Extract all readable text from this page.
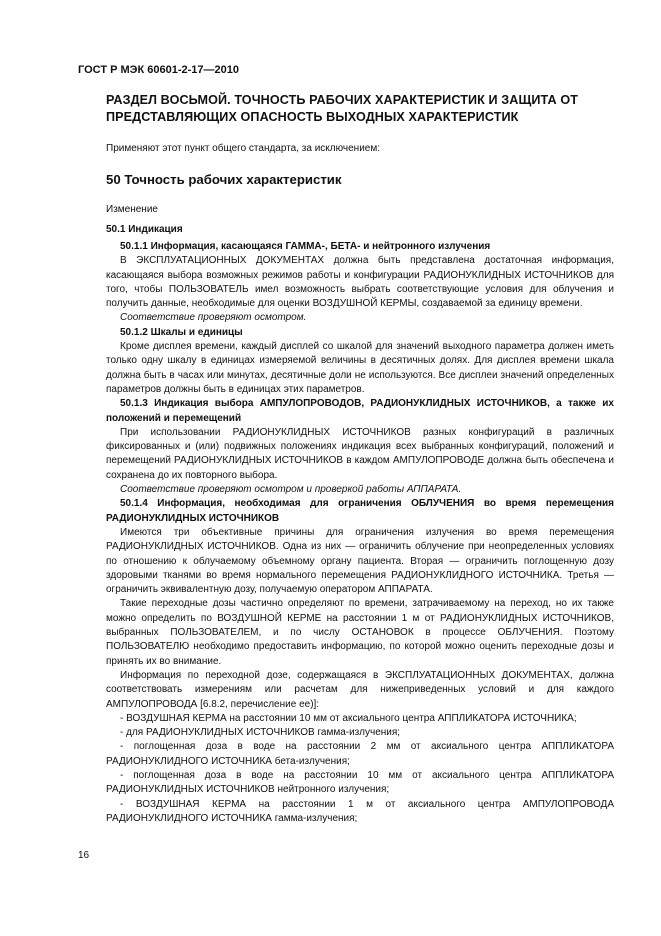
ГОСТ Р МЭК 60601-2-17—2010

РАЗДЕЛ ВОСЬМОЙ. ТОЧНОСТЬ РАБОЧИХ ХАРАКТЕРИСТИК И ЗАЩИТА ОТ ПРЕДСТАВЛЯЮЩИХ ОПАСНОСТЬ ВЫХОДНЫХ ХАРАКТЕРИСТИК

Применяют этот пункт общего стандарта, за исключением:

50 Точность рабочих характеристик

Изменение

50.1 Индикация

50.1.1 Информация, касающаяся ГАММА-, БЕТА- и нейтронного излучения

В ЭКСПЛУАТАЦИОННЫХ ДОКУМЕНТАХ должна быть представлена достаточная информация, касающаяся выбора возможных режимов работы и конфигурации РАДИОНУКЛИДНЫХ ИСТОЧНИКОВ для того, чтобы ПОЛЬЗОВАТЕЛЬ имел возможность выбрать соответствующие условия для облучения и получить данные, необходимые для оценки ВОЗДУШНОЙ КЕРМЫ, создаваемой за единицу времени.

Соответствие проверяют осмотром.

50.1.2 Шкалы и единицы

Кроме дисплея времени, каждый дисплей со шкалой для значений выходного параметра должен иметь только одну шкалу в единицах измеряемой величины в десятичных долях. Для дисплея времени шкала должна быть в часах или минутах, десятичные доли не используются. Все дисплеи значений определенных параметров должны быть в единицах этих параметров.

50.1.3 Индикация выбора АМПУЛОПРОВОДОВ, РАДИОНУКЛИДНЫХ ИСТОЧНИКОВ, а также их положений и перемещений

При использовании РАДИОНУКЛИДНЫХ ИСТОЧНИКОВ разных конфигураций в различных фиксированных и (или) подвижных положениях индикация всех выбранных конфигураций, положений и перемещений РАДИОНУКЛИДНЫХ ИСТОЧНИКОВ в каждом АМПУЛОПРОВОДЕ должна быть обеспечена и сохранена до их повторного выбора.

Соответствие проверяют осмотром и проверкой работы АППАРАТА.

50.1.4 Информация, необходимая для ограничения ОБЛУЧЕНИЯ во время перемещения РАДИОНУКЛИДНЫХ ИСТОЧНИКОВ

Имеются три объективные причины для ограничения излучения во время перемещения РАДИОНУКЛИДНЫХ ИСТОЧНИКОВ. Одна из них — ограничить облучение при неопределенных условиях по отношению к облучаемому объемному органу пациента. Вторая — ограничить поглощенную дозу здоровыми тканями во время нормального перемещения РАДИОНУКЛИДНОГО ИСТОЧНИКА. Третья — ограничить эквивалентную дозу, получаемую оператором АППАРАТА.

Такие переходные дозы частично определяют по времени, затрачиваемому на переход, но их также можно определить по ВОЗДУШНОЙ КЕРМЕ на расстоянии 1 м от РАДИОНУКЛИДНЫХ ИСТОЧНИКОВ, выбранных ПОЛЬЗОВАТЕЛЕМ, и по числу ОСТАНОВОК в процессе ОБЛУЧЕНИЯ. Поэтому ПОЛЬЗОВАТЕЛЮ необходимо предоставить информацию, по которой можно оценить переходные дозы и принять их во внимание.

Информация по переходной дозе, содержащаяся в ЭКСПЛУАТАЦИОННЫХ ДОКУМЕНТАХ, должна соответствовать измерениям или расчетам для нижеприведенных условий и для каждого АМПУЛОПРОВОДА [6.8.2, перечисление ее)]:

- ВОЗДУШНАЯ КЕРМА на расстоянии 10 мм от аксиального центра АППЛИКАТОРА ИСТОЧНИКА;

- для РАДИОНУКЛИДНЫХ ИСТОЧНИКОВ гамма-излучения;

- поглощенная доза в воде на расстоянии 2 мм от аксиального центра АППЛИКАТОРА РАДИОНУКЛИДНОГО ИСТОЧНИКА бета-излучения;

- поглощенная доза в воде на расстоянии 10 мм от аксиального центра АППЛИКАТОРА РАДИОНУКЛИДНЫХ ИСТОЧНИКОВ нейтронного излучения;

- ВОЗДУШНАЯ КЕРМА на расстоянии 1 м от аксиального центра АМПУЛОПРОВОДА РАДИОНУКЛИДНОГО ИСТОЧНИКА гамма-излучения;

16
